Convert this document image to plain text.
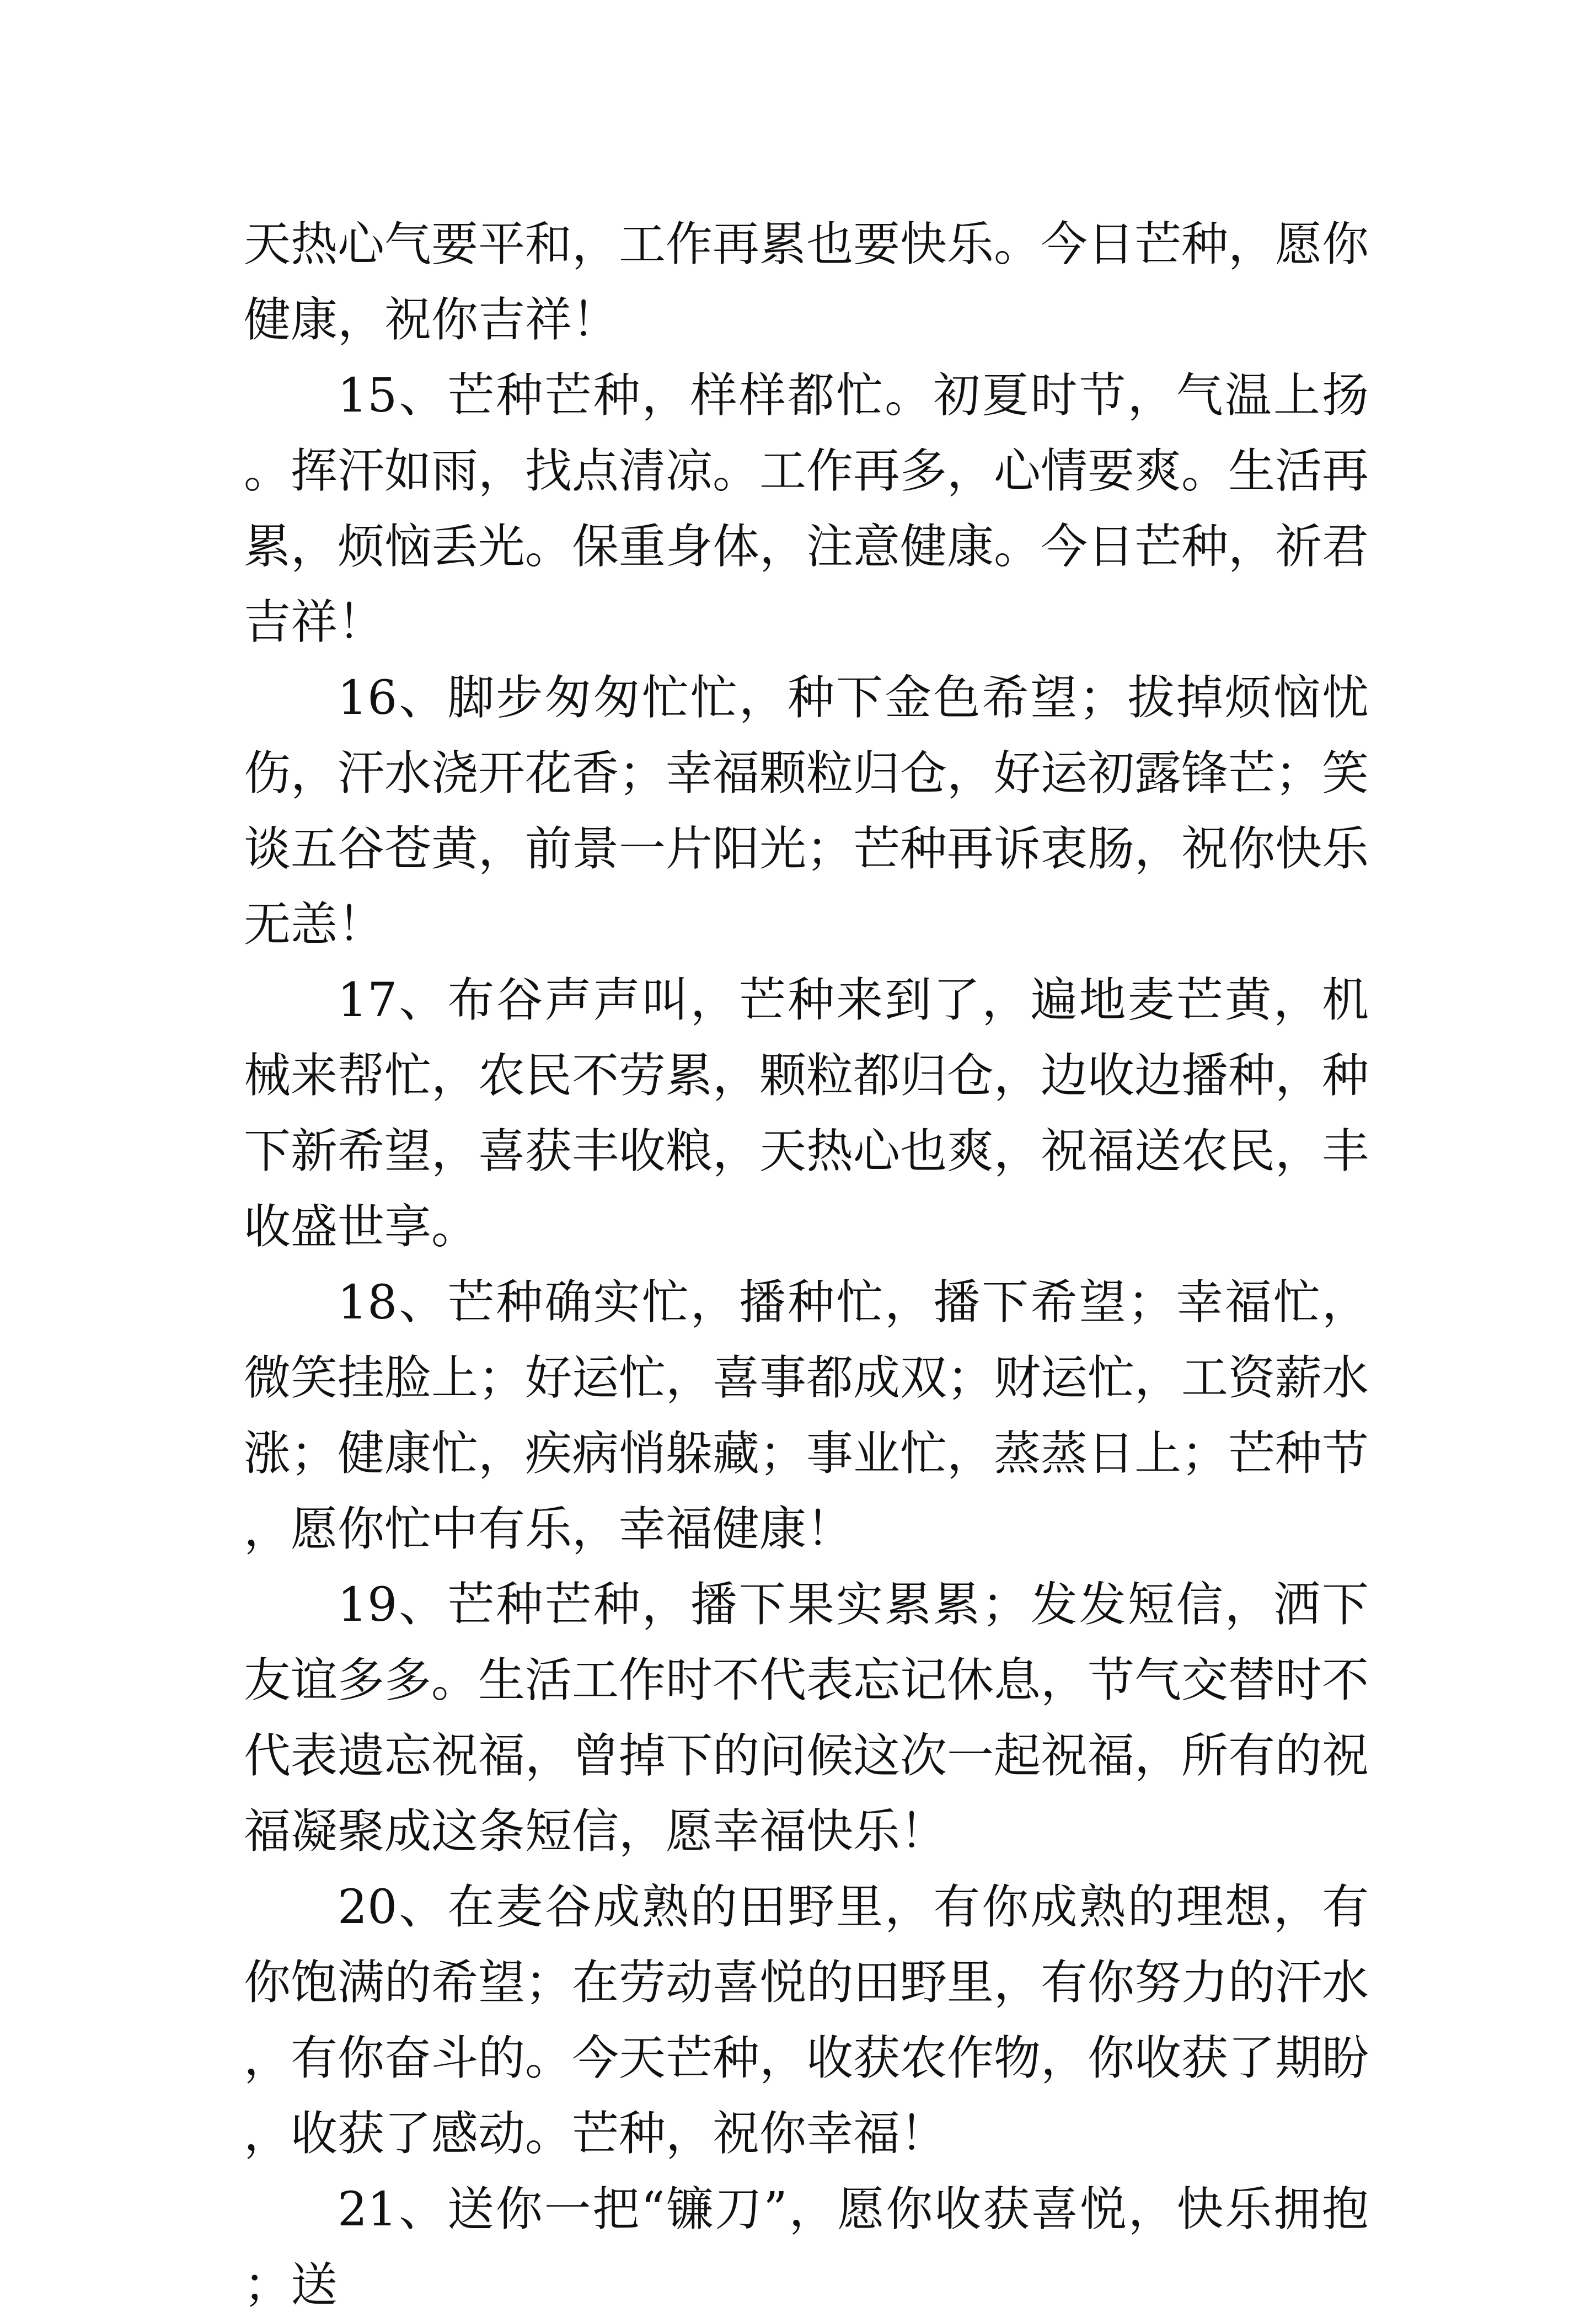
天热心气要平和，工作再累也要快乐。今日芒种，愿你健康，祝你吉祥！

15、芒种芒种，样样都忙。初夏时节，气温上扬。挥汗如雨，找点清凉。工作再多，心情要爽。生活再累，烦恼丢光。保重身体，注意健康。今日芒种，祈君吉祥！

16、脚步匆匆忙忙，种下金色希望；拔掉烦恼忧伤，汗水浇开花香；幸福颗粒归仓，好运初露锋芒；笑谈五谷苍黄，前景一片阳光；芒种再诉衷肠，祝你快乐无恙！

17、布谷声声叫，芒种来到了，遍地麦芒黄，机械来帮忙，农民不劳累，颗粒都归仓，边收边播种，种下新希望，喜获丰收粮，天热心也爽，祝福送农民，丰收盛世享。

18、芒种确实忙，播种忙，播下希望；幸福忙，微笑挂脸上；好运忙，喜事都成双；财运忙，工资薪水涨；健康忙，疾病悄躲藏；事业忙，蒸蒸日上；芒种节，愿你忙中有乐，幸福健康！

19、芒种芒种，播下果实累累；发发短信，洒下友谊多多。生活工作时不代表忘记休息，节气交替时不代表遗忘祝福，曾掉下的问候这次一起祝福，所有的祝福凝聚成这条短信，愿幸福快乐！

20、在麦谷成熟的田野里，有你成熟的理想，有你饱满的希望；在劳动喜悦的田野里，有你努力的汗水，有你奋斗的。今天芒种，收获农作物，你收获了期盼，收获了感动。芒种，祝你幸福！

21、送你一把“镰刀”，愿你收获喜悦，快乐拥抱；送
